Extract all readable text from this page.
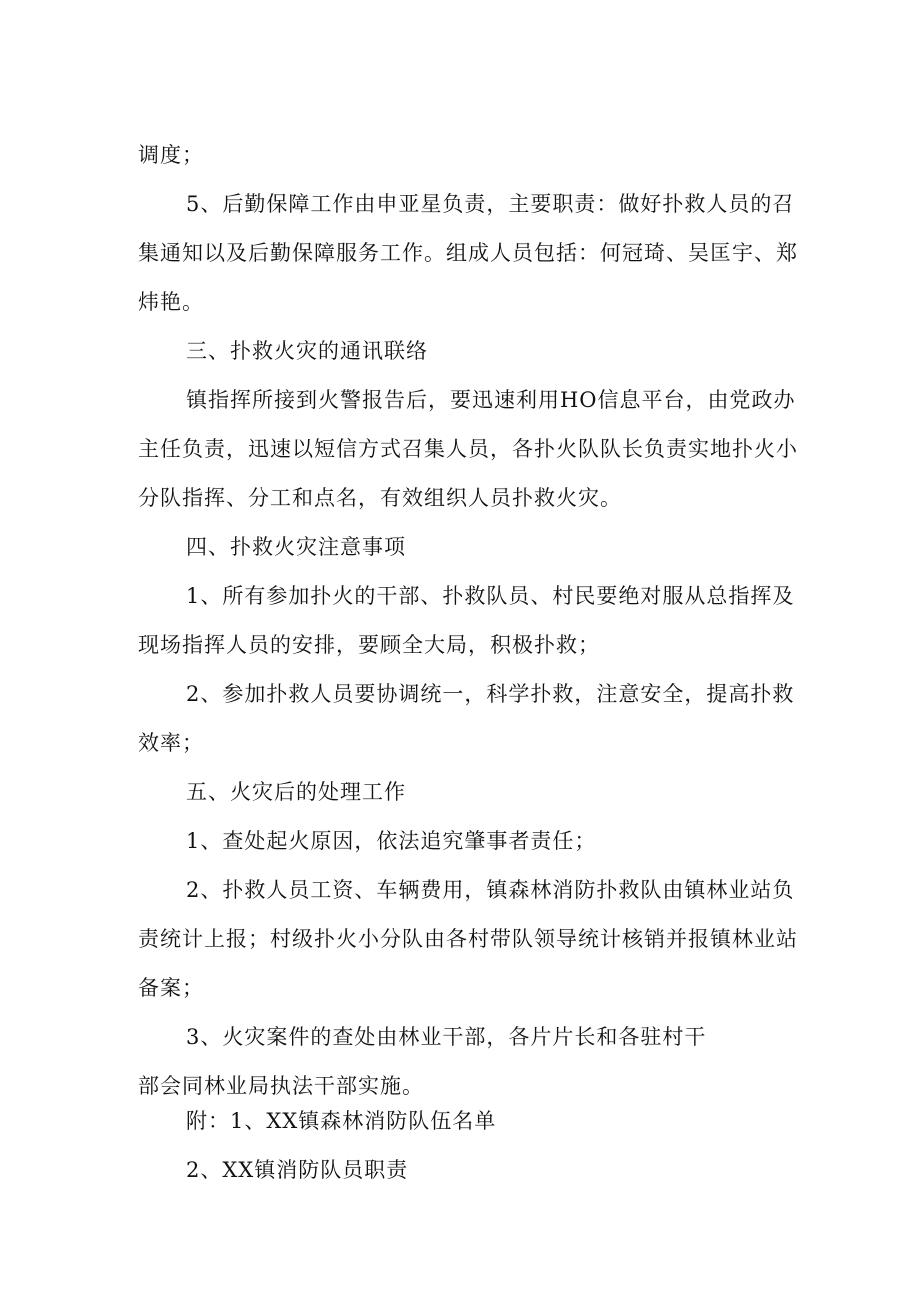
调度；
5、后勤保障工作由申亚星负责，主要职责：做好扑救人员的召
集通知以及后勤保障服务工作。组成人员包括：何冠琦、吴匡宇、郑
炜艳。
三、扑救火灾的通讯联络
镇指挥所接到火警报告后，要迅速利用HO信息平台，由党政办
主任负责，迅速以短信方式召集人员，各扑火队队长负责实地扑火小
分队指挥、分工和点名，有效组织人员扑救火灾。
四、扑救火灾注意事项
1、所有参加扑火的干部、扑救队员、村民要绝对服从总指挥及
现场指挥人员的安排，要顾全大局，积极扑救；
2、参加扑救人员要协调统一，科学扑救，注意安全，提高扑救
效率；
五、火灾后的处理工作
1、查处起火原因，依法追究肇事者责任；
2、扑救人员工资、车辆费用，镇森林消防扑救队由镇林业站负
责统计上报；村级扑火小分队由各村带队领导统计核销并报镇林业站
备案；
3、火灾案件的查处由林业干部，各片片长和各驻村干
部会同林业局执法干部实施。
附：1、XX镇森林消防队伍名单
2、XX镇消防队员职责
